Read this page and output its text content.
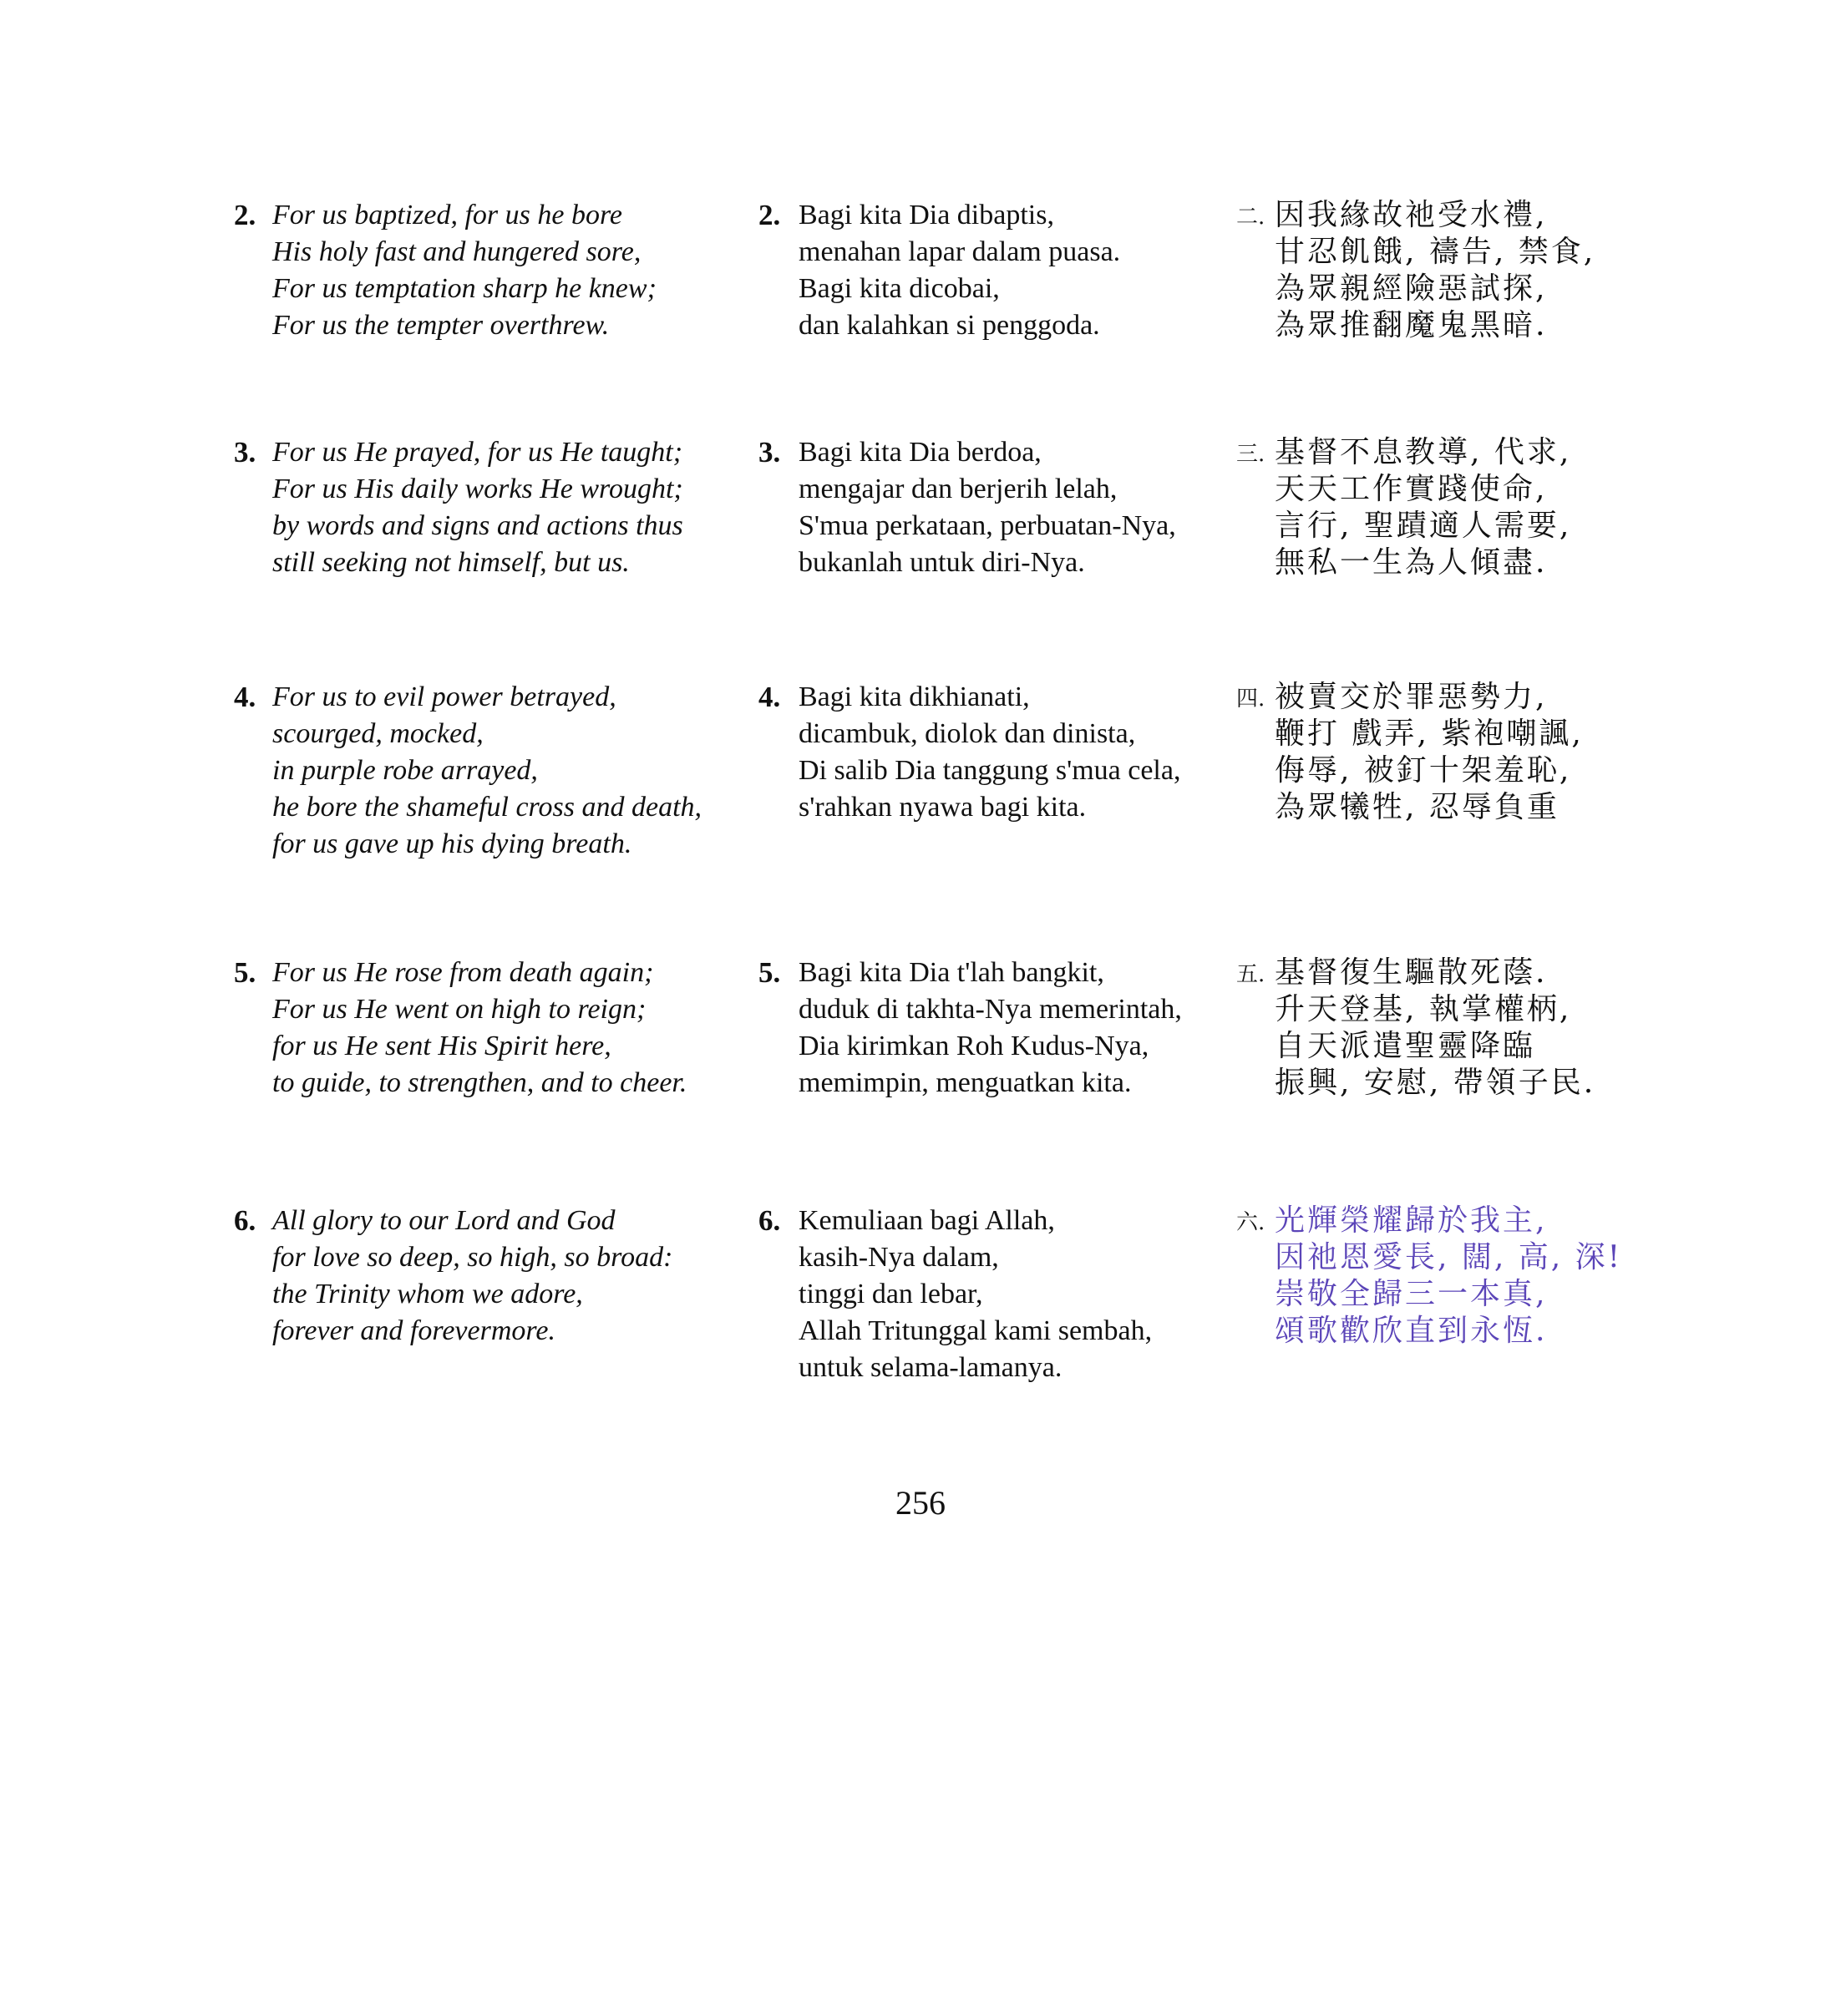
2. For us baptized, for us he bore
His holy fast and hungered sore,
For us temptation sharp he knew;
For us the tempter overthrew.
2. Bagi kita Dia dibaptis,
menahan lapar dalam puasa.
Bagi kita dicobai,
dan kalahkan si penggoda.
二. 因我緣故祂受水禮,
甘忍飢餓, 禱告, 禁食,
為眾親經險惡試探,
為眾推翻魔鬼黑暗.
3. For us He prayed, for us He taught;
For us His daily works He wrought;
by words and signs and actions thus
still seeking not himself, but us.
3. Bagi kita Dia berdoa,
mengajar dan berjerih lelah,
S'mua perkataan, perbuatan-Nya,
bukanlah untuk diri-Nya.
三. 基督不息教導, 代求,
天天工作實踐使命,
言行, 聖蹟適人需要,
無私一生為人傾盡.
4. For us to evil power betrayed,
scourged, mocked,
in purple robe arrayed,
he bore the shameful cross and death,
for us gave up his dying breath.
4. Bagi kita dikhianati,
dicambuk, diolok dan dinista,
Di salib Dia tanggung s'mua cela,
s'rahkan nyawa bagi kita.
四. 被賣交於罪惡勢力,
鞭打 戲弄, 紫袍嘲諷,
侮辱, 被釘十架羞恥,
為眾犧牲, 忍辱負重
5. For us He rose from death again;
For us He went on high to reign;
for us He sent His Spirit here,
to guide, to strengthen, and to cheer.
5. Bagi kita Dia t'lah bangkit,
duduk di takhta-Nya memerintah,
Dia kirimkan Roh Kudus-Nya,
memimpin, menguatkan kita.
五. 基督復生驅散死蔭.
升天登基, 執掌權柄,
自天派遣聖靈降臨
振興, 安慰, 帶領子民.
6. All glory to our Lord and God
for love so deep, so high, so broad:
the Trinity whom we adore,
forever and forevermore.
6. Kemuliaan bagi Allah,
kasih-Nya dalam,
tinggi dan lebar,
Allah Tritunggal kami sembah,
untuk selama-lamanya.
六. 光輝榮耀歸於我主,
因祂恩愛長, 闊, 高, 深!
崇敬全歸三一本真,
頌歌歡欣直到永恆.
256
